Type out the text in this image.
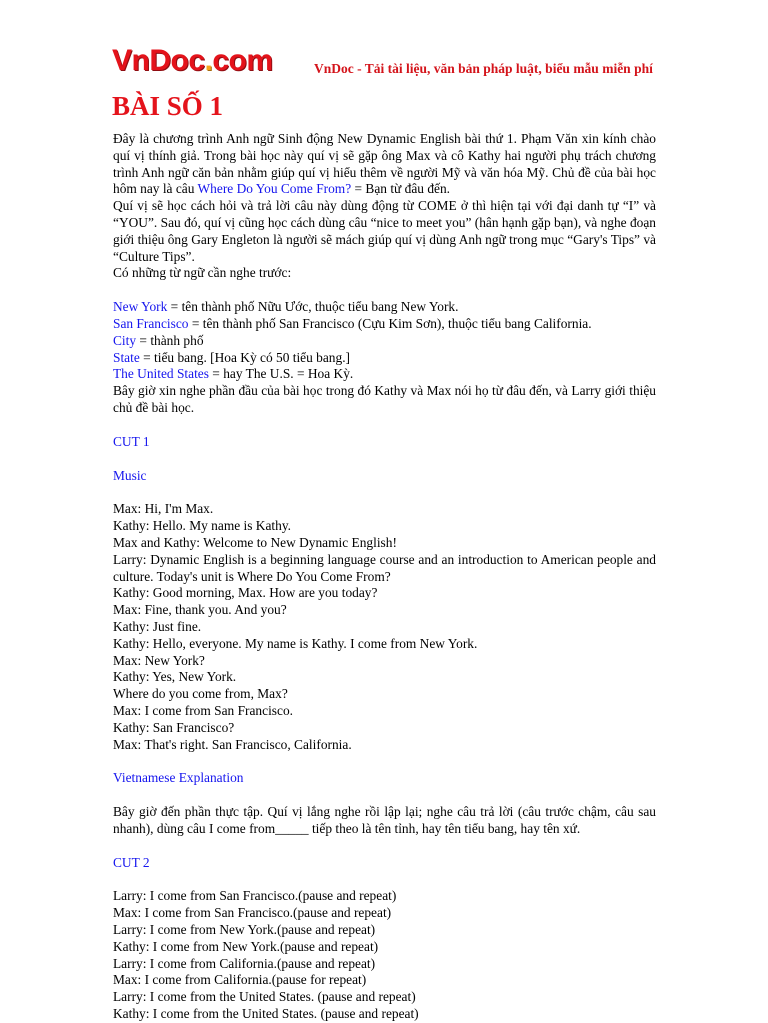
VnDoc.com	VnDoc - Tải tài liệu, văn bản pháp luật, biểu mẫu miễn phí
BÀI SỐ 1

Đây là chương trình Anh ngữ Sinh động New Dynamic English bài thứ 1. Phạm Văn xin kính chào quí vị thính giả. Trong bài học này quí vị sẽ gặp ông Max và cô Kathy hai người phụ trách chương trình Anh ngữ căn bản nhằm giúp quí vị hiểu thêm về người Mỹ và văn hóa Mỹ. Chủ đề của bài học hôm nay là câu Where Do You Come From? = Bạn từ đâu đến.

Quí vị sẽ học cách hỏi và trả lời câu này dùng động từ COME ở thì hiện tại với đại danh tự “I” và “YOU”. Sau đó, quí vị cũng học cách dùng câu “nice to meet you” (hân hạnh gặp bạn), và nghe đoạn giới thiệu ông Gary Engleton là người sẽ mách giúp quí vị dùng Anh ngữ trong mục “Gary's Tips” và “Culture Tips”.

Có những từ ngữ cần nghe trước:

New York = tên thành phố Nữu Ước, thuộc tiểu bang New York.

San Francisco = tên thành phố San Francisco (Cựu Kim Sơn), thuộc tiểu bang California.

City = thành phố

State = tiểu bang. [Hoa Kỳ có 50 tiểu bang.]

The United States = hay The U.S. = Hoa Kỳ.

Bây giờ xin nghe phần đầu của bài học trong đó Kathy và Max nói họ từ đâu đến, và Larry giới thiệu chủ đề bài học.

CUT 1

Music

Max: Hi, I'm Max.

Kathy: Hello. My name is Kathy.

Max and Kathy: Welcome to New Dynamic English!

Larry: Dynamic English is a beginning language course and an introduction to American people and culture. Today's unit is Where Do You Come From?

Kathy: Good morning, Max. How are you today?

Max: Fine, thank you. And you?

Kathy: Just fine.

Kathy: Hello, everyone. My name is Kathy. I come from New York.

Max: New York?

Kathy: Yes, New York.

Where do you come from, Max?

Max: I come from San Francisco.

Kathy: San Francisco?

Max: That's right. San Francisco, California.

Vietnamese Explanation

Bây giờ đến phần thực tập. Quí vị lắng nghe rồi lập lại; nghe câu trả lời (câu trước chậm, câu sau nhanh), dùng câu I come from_____ tiếp theo là tên tỉnh, hay tên tiểu bang, hay tên xứ.

CUT 2

Larry: I come from San Francisco.(pause and repeat)

Max: I come from San Francisco.(pause and repeat)

Larry: I come from New York.(pause and repeat)

Kathy: I come from New York.(pause and repeat)

Larry: I come from California.(pause and repeat)

Max: I come from California.(pause for repeat)

Larry: I come from the United States. (pause and repeat)

Kathy: I come from the United States. (pause and repeat)
